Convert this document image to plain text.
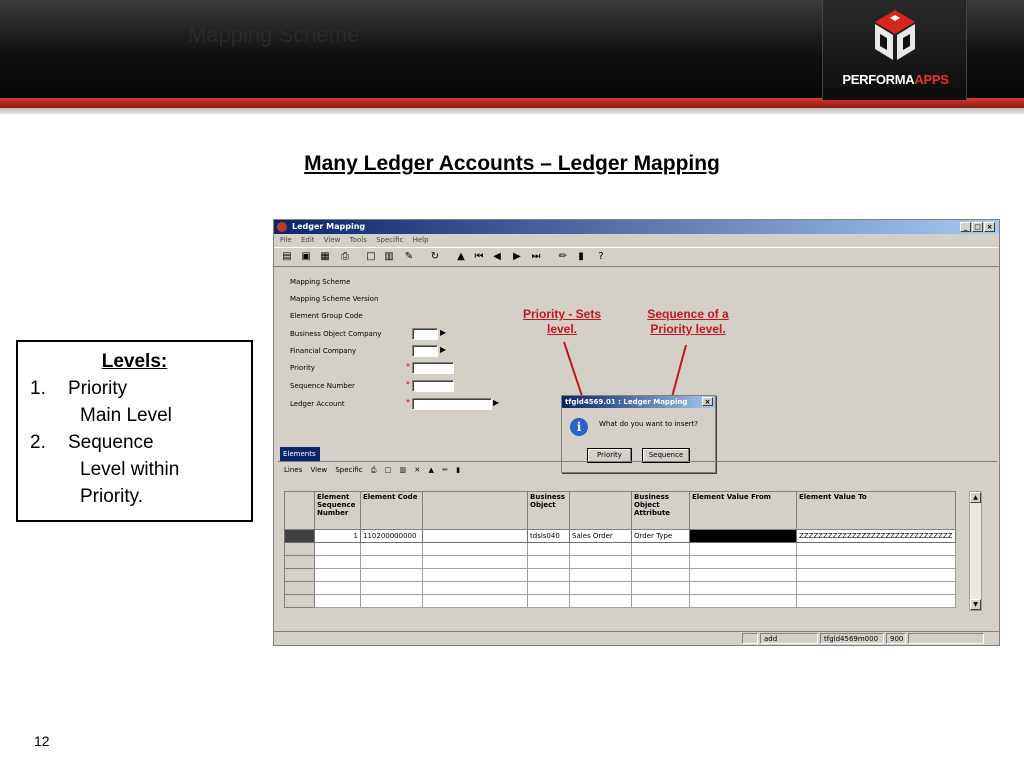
Mapping Scheme
PERFORMAAPPS
Many Ledger Accounts – Ledger Mapping
Levels:
1. Priority
Main Level
2. Sequence
Level within
Priority.
Ledger Mapping	_ □ ×
File Edit View Tools Specific Help
▤ ▣ ▦	⎙	□ ▥ ✎ ↻	▲ ⏮ ◀	▶	⏭ ✏	▮	?
Mapping Scheme
Mapping Scheme Version
Element Group Code
Business Object Company	▶
Financial Company	▶
Priority	*
Sequence Number	*
Ledger Account	*	▶
Priority - Sets level.
Sequence of a Priority level.
tfgld4569.01 : Ledger Mapping	×
i	What do you want to insert?
Priority	Sequence
Elements
Lines View Specific ⎙ □ ▥ ✕ ▲ ✏ ▮
	Element Sequence Number	Element Code		Business Object		Business Object Attribute	Element Value From	Element Value To
	1	110200000000		tdsls040	Sales Order	Order Type		ZZZZZZZZZZZZZZZZZZZZZZZZZZZZZZZZ

▲
▼
add	tfgld4569m000	900
12
